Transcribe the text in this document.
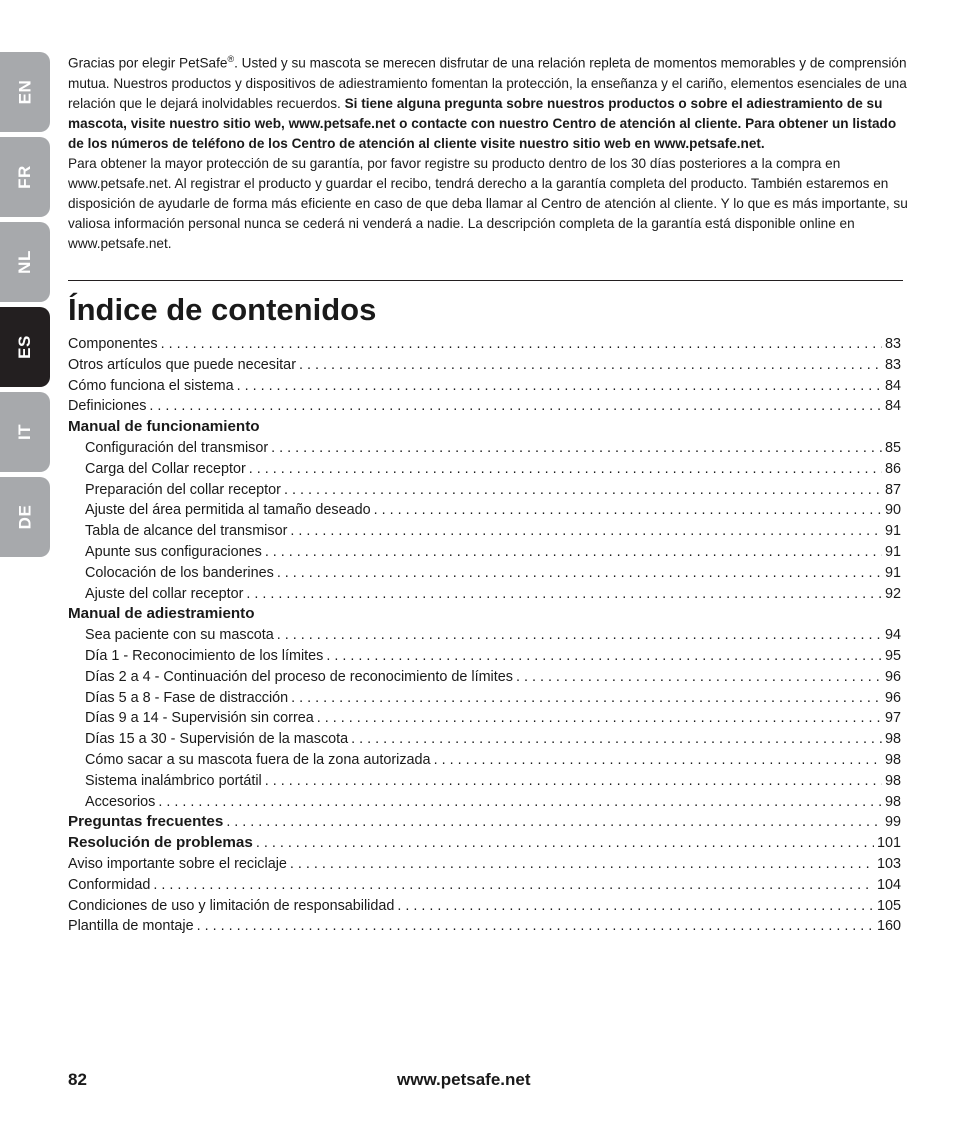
EN
FR
NL
ES
IT
DE

Gracias por elegir PetSafe®. Usted y su mascota se merecen disfrutar de una relación repleta de momentos memorables y de comprensión mutua. Nuestros productos y dispositivos de adiestramiento fomentan la protección, la enseñanza y el cariño, elementos esenciales de una relación que le dejará inolvidables recuerdos. Si tiene alguna pregunta sobre nuestros productos o sobre el adiestramiento de su mascota, visite nuestro sitio web, www.petsafe.net o contacte con nuestro Centro de atención al cliente. Para obtener un listado de los números de teléfono de los Centro de atención al cliente visite nuestro sitio web en www.petsafe.net.

Para obtener la mayor protección de su garantía, por favor registre su producto dentro de los 30 días posteriores a la compra en www.petsafe.net. Al registrar el producto y guardar el recibo, tendrá derecho a la garantía completa del producto. También estaremos en disposición de ayudarle de forma más eficiente en caso de que deba llamar al Centro de atención al cliente. Y lo que es más importante, su valiosa información personal nunca se cederá ni venderá a nadie. La descripción completa de la garantía está disponible online en www.petsafe.net.

Índice de contenidos
Componentes . . .	83
Otros artículos que puede necesitar . . .	83
Cómo funciona el sistema . . .	84
Definiciones . . .	84
Manual de funcionamiento
Configuración del transmisor . . .	85
Carga del Collar receptor . . .	86
Preparación del collar receptor . . .	87
Ajuste del área permitida al tamaño deseado . . .	90
Tabla de alcance del transmisor . . .	91
Apunte sus configuraciones . . .	91
Colocación de los banderines . . .	91
Ajuste del collar receptor . . .	92
Manual de adiestramiento
Sea paciente con su mascota . . .	94
Día 1 - Reconocimiento de los límites . . .	95
Días 2 a 4 - Continuación del proceso de reconocimiento de límites . . .	96
Días 5 a 8 - Fase de distracción . . .	96
Días 9 a 14 - Supervisión sin correa . . .	97
Días 15 a 30 - Supervisión de la mascota . . .	98
Cómo sacar a su mascota fuera de la zona autorizada . . .	98
Sistema inalámbrico portátil . . .	98
Accesorios . . .	98
Preguntas frecuentes . . .	99
Resolución de problemas . . .	101
Aviso importante sobre el reciclaje . . .	103
Conformidad . . .	104
Condiciones de uso y limitación de responsabilidad . . .	105
Plantilla de montaje . . .	160
82	www.petsafe.net
